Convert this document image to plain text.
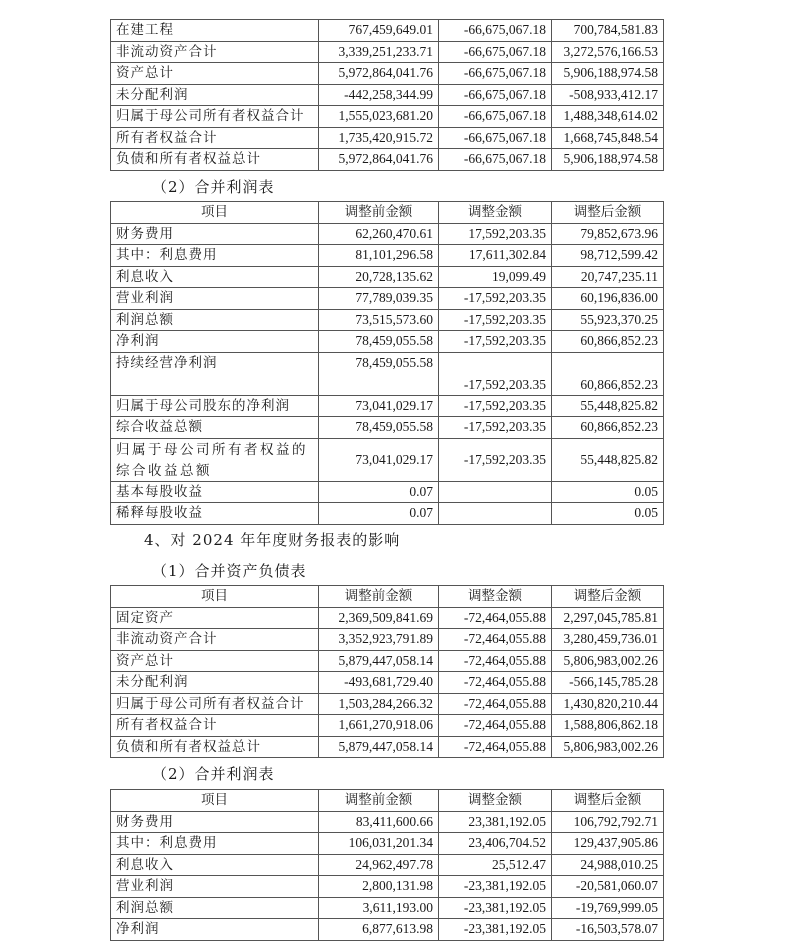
在建工程	767,459,649.01	-66,675,067.18	700,784,581.83
非流动资产合计	3,339,251,233.71	-66,675,067.18	3,272,576,166.53
资产总计	5,972,864,041.76	-66,675,067.18	5,906,188,974.58
未分配利润	-442,258,344.99	-66,675,067.18	-508,933,412.17
归属于母公司所有者权益合计	1,555,023,681.20	-66,675,067.18	1,488,348,614.02
所有者权益合计	1,735,420,915.72	-66,675,067.18	1,668,745,848.54
负债和所有者权益总计	5,972,864,041.76	-66,675,067.18	5,906,188,974.58
（2）合并利润表
项目	调整前金额	调整金额	调整后金额
财务费用	62,260,470.61	17,592,203.35	79,852,673.96
其中：利息费用	81,101,296.58	17,611,302.84	98,712,599.42
利息收入	20,728,135.62	19,099.49	20,747,235.11
营业利润	77,789,039.35	-17,592,203.35	60,196,836.00
利润总额	73,515,573.60	-17,592,203.35	55,923,370.25
净利润	78,459,055.58	-17,592,203.35	60,866,852.23
持续经营净利润	78,459,055.58	-17,592,203.35	60,866,852.23
归属于母公司股东的净利润	73,041,029.17	-17,592,203.35	55,448,825.82
综合收益总额	78,459,055.58	-17,592,203.35	60,866,852.23
归属于母公司所有者权益的综合收益总额	73,041,029.17	-17,592,203.35	55,448,825.82
基本每股收益	0.07		0.05
稀释每股收益	0.07		0.05
4、对 2024 年年度财务报表的影响
（1）合并资产负债表
项目	调整前金额	调整金额	调整后金额
固定资产	2,369,509,841.69	-72,464,055.88	2,297,045,785.81
非流动资产合计	3,352,923,791.89	-72,464,055.88	3,280,459,736.01
资产总计	5,879,447,058.14	-72,464,055.88	5,806,983,002.26
未分配利润	-493,681,729.40	-72,464,055.88	-566,145,785.28
归属于母公司所有者权益合计	1,503,284,266.32	-72,464,055.88	1,430,820,210.44
所有者权益合计	1,661,270,918.06	-72,464,055.88	1,588,806,862.18
负债和所有者权益总计	5,879,447,058.14	-72,464,055.88	5,806,983,002.26
（2）合并利润表
项目	调整前金额	调整金额	调整后金额
财务费用	83,411,600.66	23,381,192.05	106,792,792.71
其中：利息费用	106,031,201.34	23,406,704.52	129,437,905.86
利息收入	24,962,497.78	25,512.47	24,988,010.25
营业利润	2,800,131.98	-23,381,192.05	-20,581,060.07
利润总额	3,611,193.00	-23,381,192.05	-19,769,999.05
净利润	6,877,613.98	-23,381,192.05	-16,503,578.07
